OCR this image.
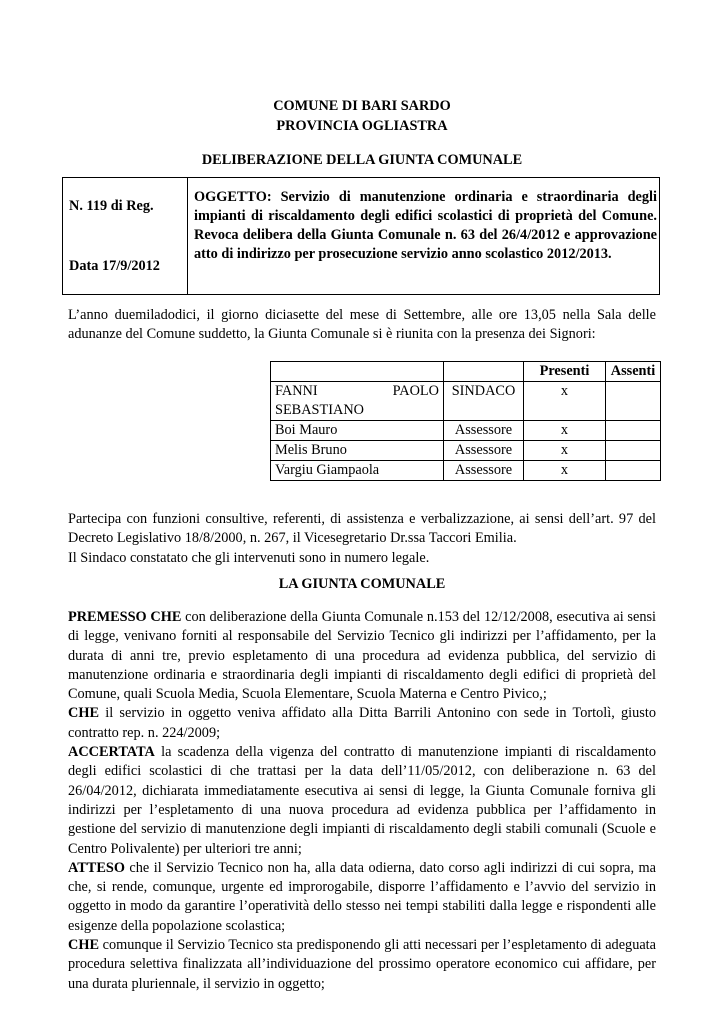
COMUNE DI BARI SARDO
PROVINCIA OGLIASTRA
DELIBERAZIONE DELLA GIUNTA COMUNALE
N. 119 di Reg.
Data 17/9/2012
OGGETTO: Servizio di manutenzione ordinaria e straordinaria degli impianti di riscaldamento degli edifici scolastici di proprietà del Comune. Revoca delibera della Giunta Comunale n. 63 del 26/4/2012 e approvazione atto di indirizzo per prosecuzione servizio anno scolastico 2012/2013.
L’anno duemiladodici, il giorno diciasette del mese di Settembre, alle ore 13,05 nella Sala delle adunanze del Comune suddetto, la Giunta Comunale si è riunita con la presenza dei Signori:
		Presenti	Assenti

FANNI PAOLO
SEBASTIANO	SINDACO	x	
Boi Mauro	Assessore	x	
Melis Bruno	Assessore	x	
Vargiu Giampaola	Assessore	x	

Partecipa con funzioni consultive, referenti, di assistenza e verbalizzazione, ai sensi dell’art. 97 del Decreto Legislativo 18/8/2000, n. 267, il Vicesegretario Dr.ssa Taccori Emilia.

Il Sindaco constatato che gli intervenuti sono in numero legale.

LA GIUNTA COMUNALE

PREMESSO CHE con deliberazione della Giunta Comunale n.153 del 12/12/2008, esecutiva ai sensi di legge, venivano forniti al responsabile del Servizio Tecnico gli indirizzi per l’affidamento, per la durata di anni tre, previo espletamento di una procedura ad evidenza pubblica, del servizio di manutenzione ordinaria e straordinaria degli impianti di riscaldamento degli edifici di proprietà del Comune, quali Scuola Media, Scuola Elementare, Scuola Materna e Centro Pivico,;

CHE il servizio in oggetto veniva affidato alla Ditta Barrili Antonino con sede in Tortolì, giusto contratto rep. n. 224/2009;

ACCERTATA la scadenza della vigenza del contratto di manutenzione impianti di riscaldamento degli edifici scolastici di che trattasi per la data dell’11/05/2012, con deliberazione n. 63 del 26/04/2012, dichiarata immediatamente esecutiva ai sensi di legge, la Giunta Comunale forniva gli indirizzi per l’espletamento di una nuova procedura ad evidenza pubblica per l’affidamento in gestione del servizio di manutenzione degli impianti di riscaldamento degli stabili comunali (Scuole e Centro Polivalente) per ulteriori tre anni;

ATTESO che il Servizio Tecnico non ha, alla data odierna, dato corso agli indirizzi di cui sopra, ma che, si rende, comunque, urgente ed improrogabile, disporre l’affidamento e l’avvio del servizio in oggetto in modo da garantire l’operatività dello stesso nei tempi stabiliti dalla legge e rispondenti alle esigenze della popolazione scolastica;

CHE comunque il Servizio Tecnico sta predisponendo gli atti necessari per l’espletamento di adeguata procedura selettiva finalizzata all’individuazione del prossimo operatore economico cui affidare, per una durata pluriennale, il servizio in oggetto;
